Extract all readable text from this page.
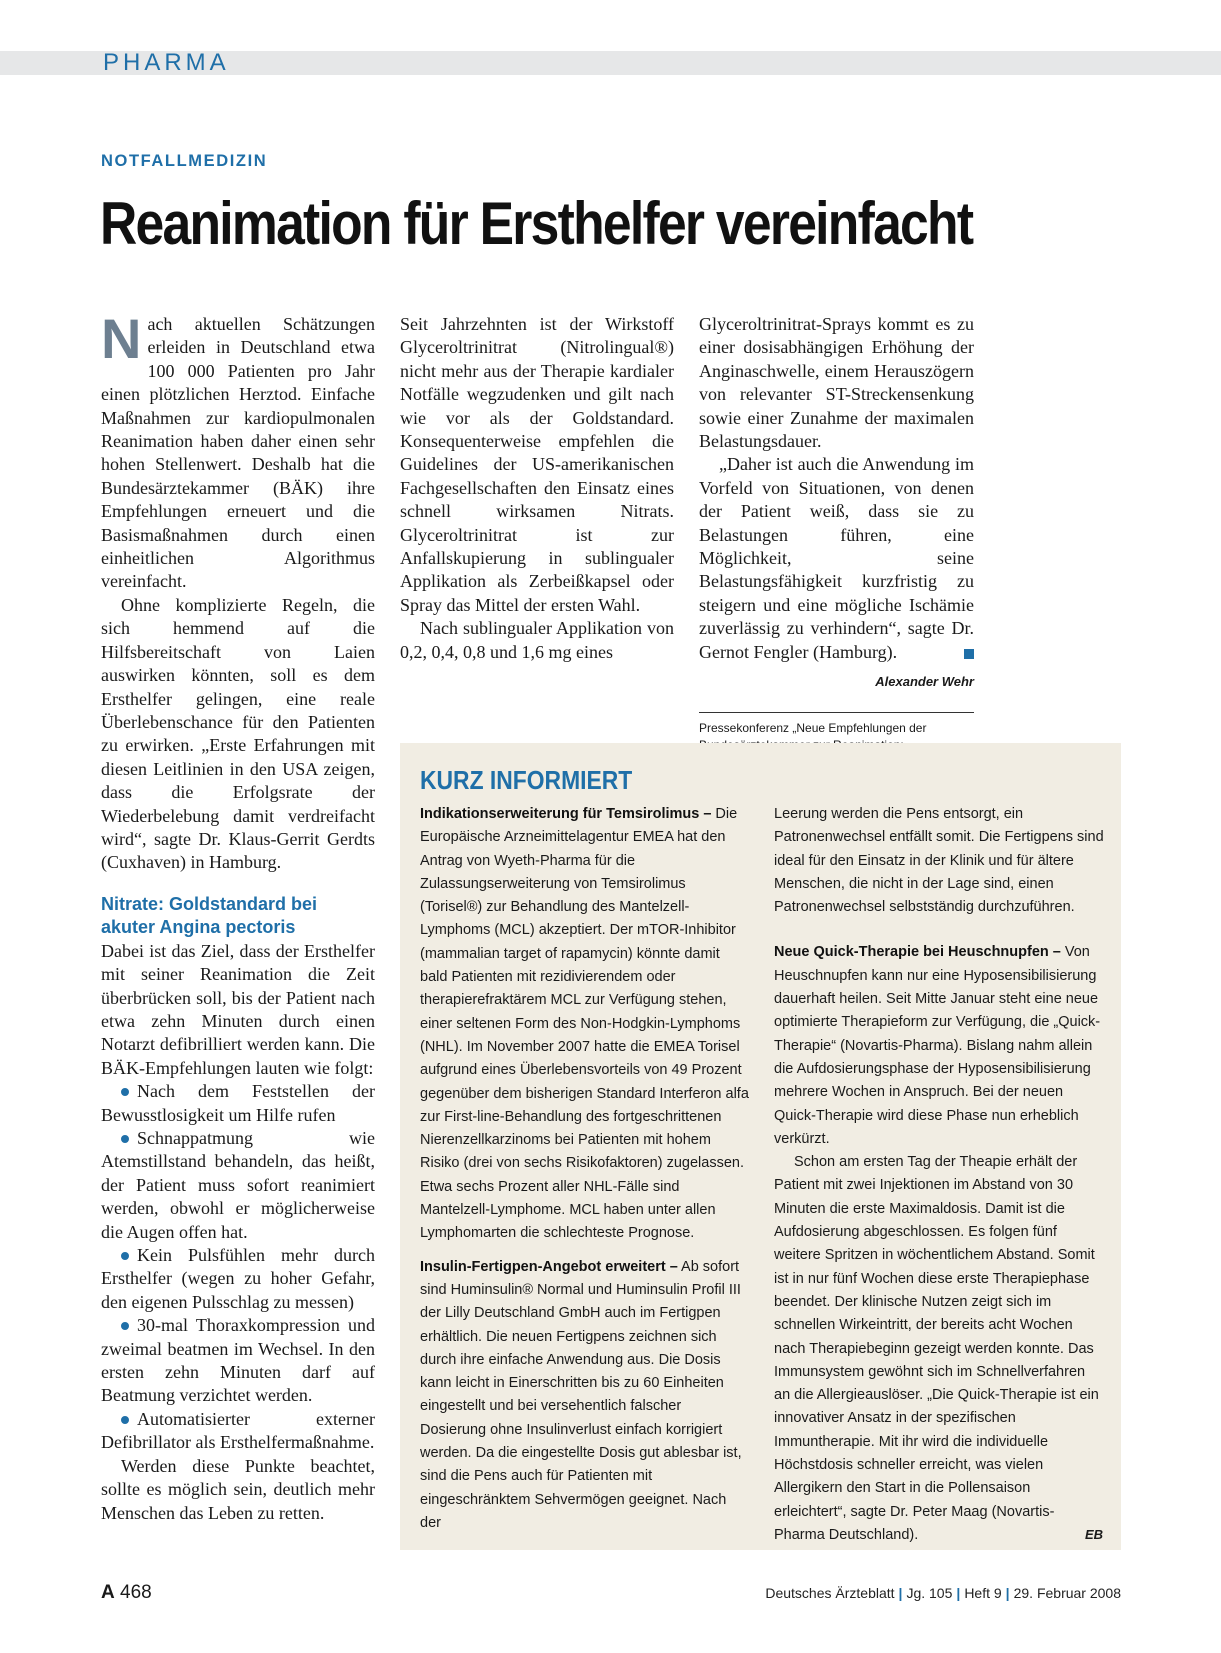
PHARMA
NOTFALLMEDIZIN
Reanimation für Ersthelfer vereinfacht

Nach aktuellen Schätzungen erleiden in Deutschland etwa 100 000 Patienten pro Jahr einen plötzlichen Herztod. Einfache Maßnahmen zur kardiopulmonalen Reanimation haben daher einen sehr hohen Stellenwert. Deshalb hat die Bundesärztekammer (BÄK) ihre Empfehlungen erneuert und die Basismaßnahmen durch einen einheitlichen Algorithmus vereinfacht.

Ohne komplizierte Regeln, die sich hemmend auf die Hilfsbereitschaft von Laien auswirken könnten, soll es dem Ersthelfer gelingen, eine reale Überlebenschance für den Patienten zu erwirken. „Erste Erfahrungen mit diesen Leitlinien in den USA zeigen, dass die Erfolgsrate der Wiederbelebung damit verdreifacht wird“, sagte Dr. Klaus-Gerrit Gerdts (Cuxhaven) in Hamburg.

Nitrate: Goldstandard bei akuter Angina pectoris

Dabei ist das Ziel, dass der Ersthelfer mit seiner Reanimation die Zeit überbrücken soll, bis der Patient nach etwa zehn Minuten durch einen Notarzt defibrilliert werden kann. Die BÄK-Empfehlungen lauten wie folgt:

Nach dem Feststellen der Bewusstlosigkeit um Hilfe rufen

Schnappatmung wie Atemstillstand behandeln, das heißt, der Patient muss sofort reanimiert werden, obwohl er möglicherweise die Augen offen hat.

Kein Pulsfühlen mehr durch Ersthelfer (wegen zu hoher Gefahr, den eigenen Pulsschlag zu messen)

30-mal Thoraxkompression und zweimal beatmen im Wechsel. In den ersten zehn Minuten darf auf Beatmung verzichtet werden.

Automatisierter externer Defibrillator als Ersthelfermaßnahme.

Werden diese Punkte beachtet, sollte es möglich sein, deutlich mehr Menschen das Leben zu retten.

Seit Jahrzehnten ist der Wirkstoff Glyceroltrinitrat (Nitrolingual®) nicht mehr aus der Therapie kardialer Notfälle wegzudenken und gilt nach wie vor als der Goldstandard. Konsequenterweise empfehlen die Guidelines der US-amerikanischen Fachgesellschaften den Einsatz eines schnell wirksamen Nitrats. Glyceroltrinitrat ist zur Anfallskupierung in sublingualer Applikation als Zerbeißkapsel oder Spray das Mittel der ersten Wahl.

Nach sublingualer Applikation von 0,2, 0,4, 0,8 und 1,6 mg eines

Glyceroltrinitrat-Sprays kommt es zu einer dosisabhängigen Erhöhung der Anginaschwelle, einem Herauszögern von relevanter ST-Streckensenkung sowie einer Zunahme der maximalen Belastungsdauer.

„Daher ist auch die Anwendung im Vorfeld von Situationen, von denen der Patient weiß, dass sie zu Belastungen führen, eine Möglichkeit, seine Belastungsfähigkeit kurzfristig zu steigern und eine mögliche Ischämie zuverlässig zu verhindern“, sagte Dr. Gernot Fengler (Hamburg).

Alexander Wehr
Pressekonferenz „Neue Empfehlungen der
EB
KURZ INFORMIERT

Indikationserweiterung für Temsirolimus – Die Europäische Arzneimittelagentur EMEA hat den Antrag von Wyeth-Pharma für die Zulassungserweiterung von Temsirolimus (Torisel®) zur Behandlung des Mantelzell-Lymphoms (MCL) akzeptiert. Der mTOR-Inhibitor (mammalian target of rapamycin) könnte damit bald Patienten mit rezidivierendem oder therapierefraktärem MCL zur Verfügung stehen, einer seltenen Form des Non-Hodgkin-Lymphoms (NHL). Im November 2007 hatte die EMEA Torisel aufgrund eines Überlebensvorteils von 49 Prozent gegenüber dem bisherigen Standard Interferon alfa zur First-line-Behandlung des fortgeschrittenen Nierenzellkarzinoms bei Patienten mit hohem Risiko (drei von sechs Risikofaktoren) zugelassen. Etwa sechs Prozent aller NHL-Fälle sind Mantelzell-Lymphome. MCL haben unter allen Lymphomarten die schlechteste Prognose.

Insulin-Fertigpen-Angebot erweitert – Ab sofort sind Huminsulin® Normal und Huminsulin Profil III der Lilly Deutschland GmbH auch im Fertigpen erhältlich. Die neuen Fertigpens zeichnen sich durch ihre einfache Anwendung aus. Die Dosis kann leicht in Einerschritten bis zu 60 Einheiten eingestellt und bei versehentlich falscher Dosierung ohne Insulinverlust einfach korrigiert werden. Da die eingestellte Dosis gut ablesbar ist, sind die Pens auch für Patienten mit eingeschränktem Sehvermögen geeignet. Nach der

Leerung werden die Pens entsorgt, ein Patronenwechsel entfällt somit. Die Fertigpens sind ideal für den Einsatz in der Klinik und für ältere Menschen, die nicht in der Lage sind, einen Patronenwechsel selbstständig durchzuführen.

Neue Quick-Therapie bei Heuschnupfen – Von Heuschnupfen kann nur eine Hyposensibilisierung dauerhaft heilen. Seit Mitte Januar steht eine neue optimierte Therapieform zur Verfügung, die „Quick-Therapie“ (Novartis-Pharma). Bislang nahm allein die Aufdosierungsphase der Hyposensibilisierung mehrere Wochen in Anspruch. Bei der neuen Quick-Therapie wird diese Phase nun erheblich verkürzt.

Schon am ersten Tag der Theapie erhält der Patient mit zwei Injektionen im Abstand von 30 Minuten die erste Maximaldosis. Damit ist die Aufdosierung abgeschlossen. Es folgen fünf weitere Spritzen in wöchentlichem Abstand. Somit ist in nur fünf Wochen diese erste Therapiephase beendet. Der klinische Nutzen zeigt sich im schnellen Wirkeintritt, der bereits acht Wochen nach Therapiebeginn gezeigt werden konnte. Das Immunsystem gewöhnt sich im Schnellverfahren an die Allergieauslöser. „Die Quick-Therapie ist ein innovativer Ansatz in der spezifischen Immuntherapie. Mit ihr wird die individuelle Höchstdosis schneller erreicht, was vielen Allergikern den Start in die Pollensaison erleichtert“, sagte Dr. Peter Maag (Novartis-Pharma Deutschland).

A 468	Deutsches Ärzteblatt | Jg. 105 | Heft 9 | 29. Februar 2008
